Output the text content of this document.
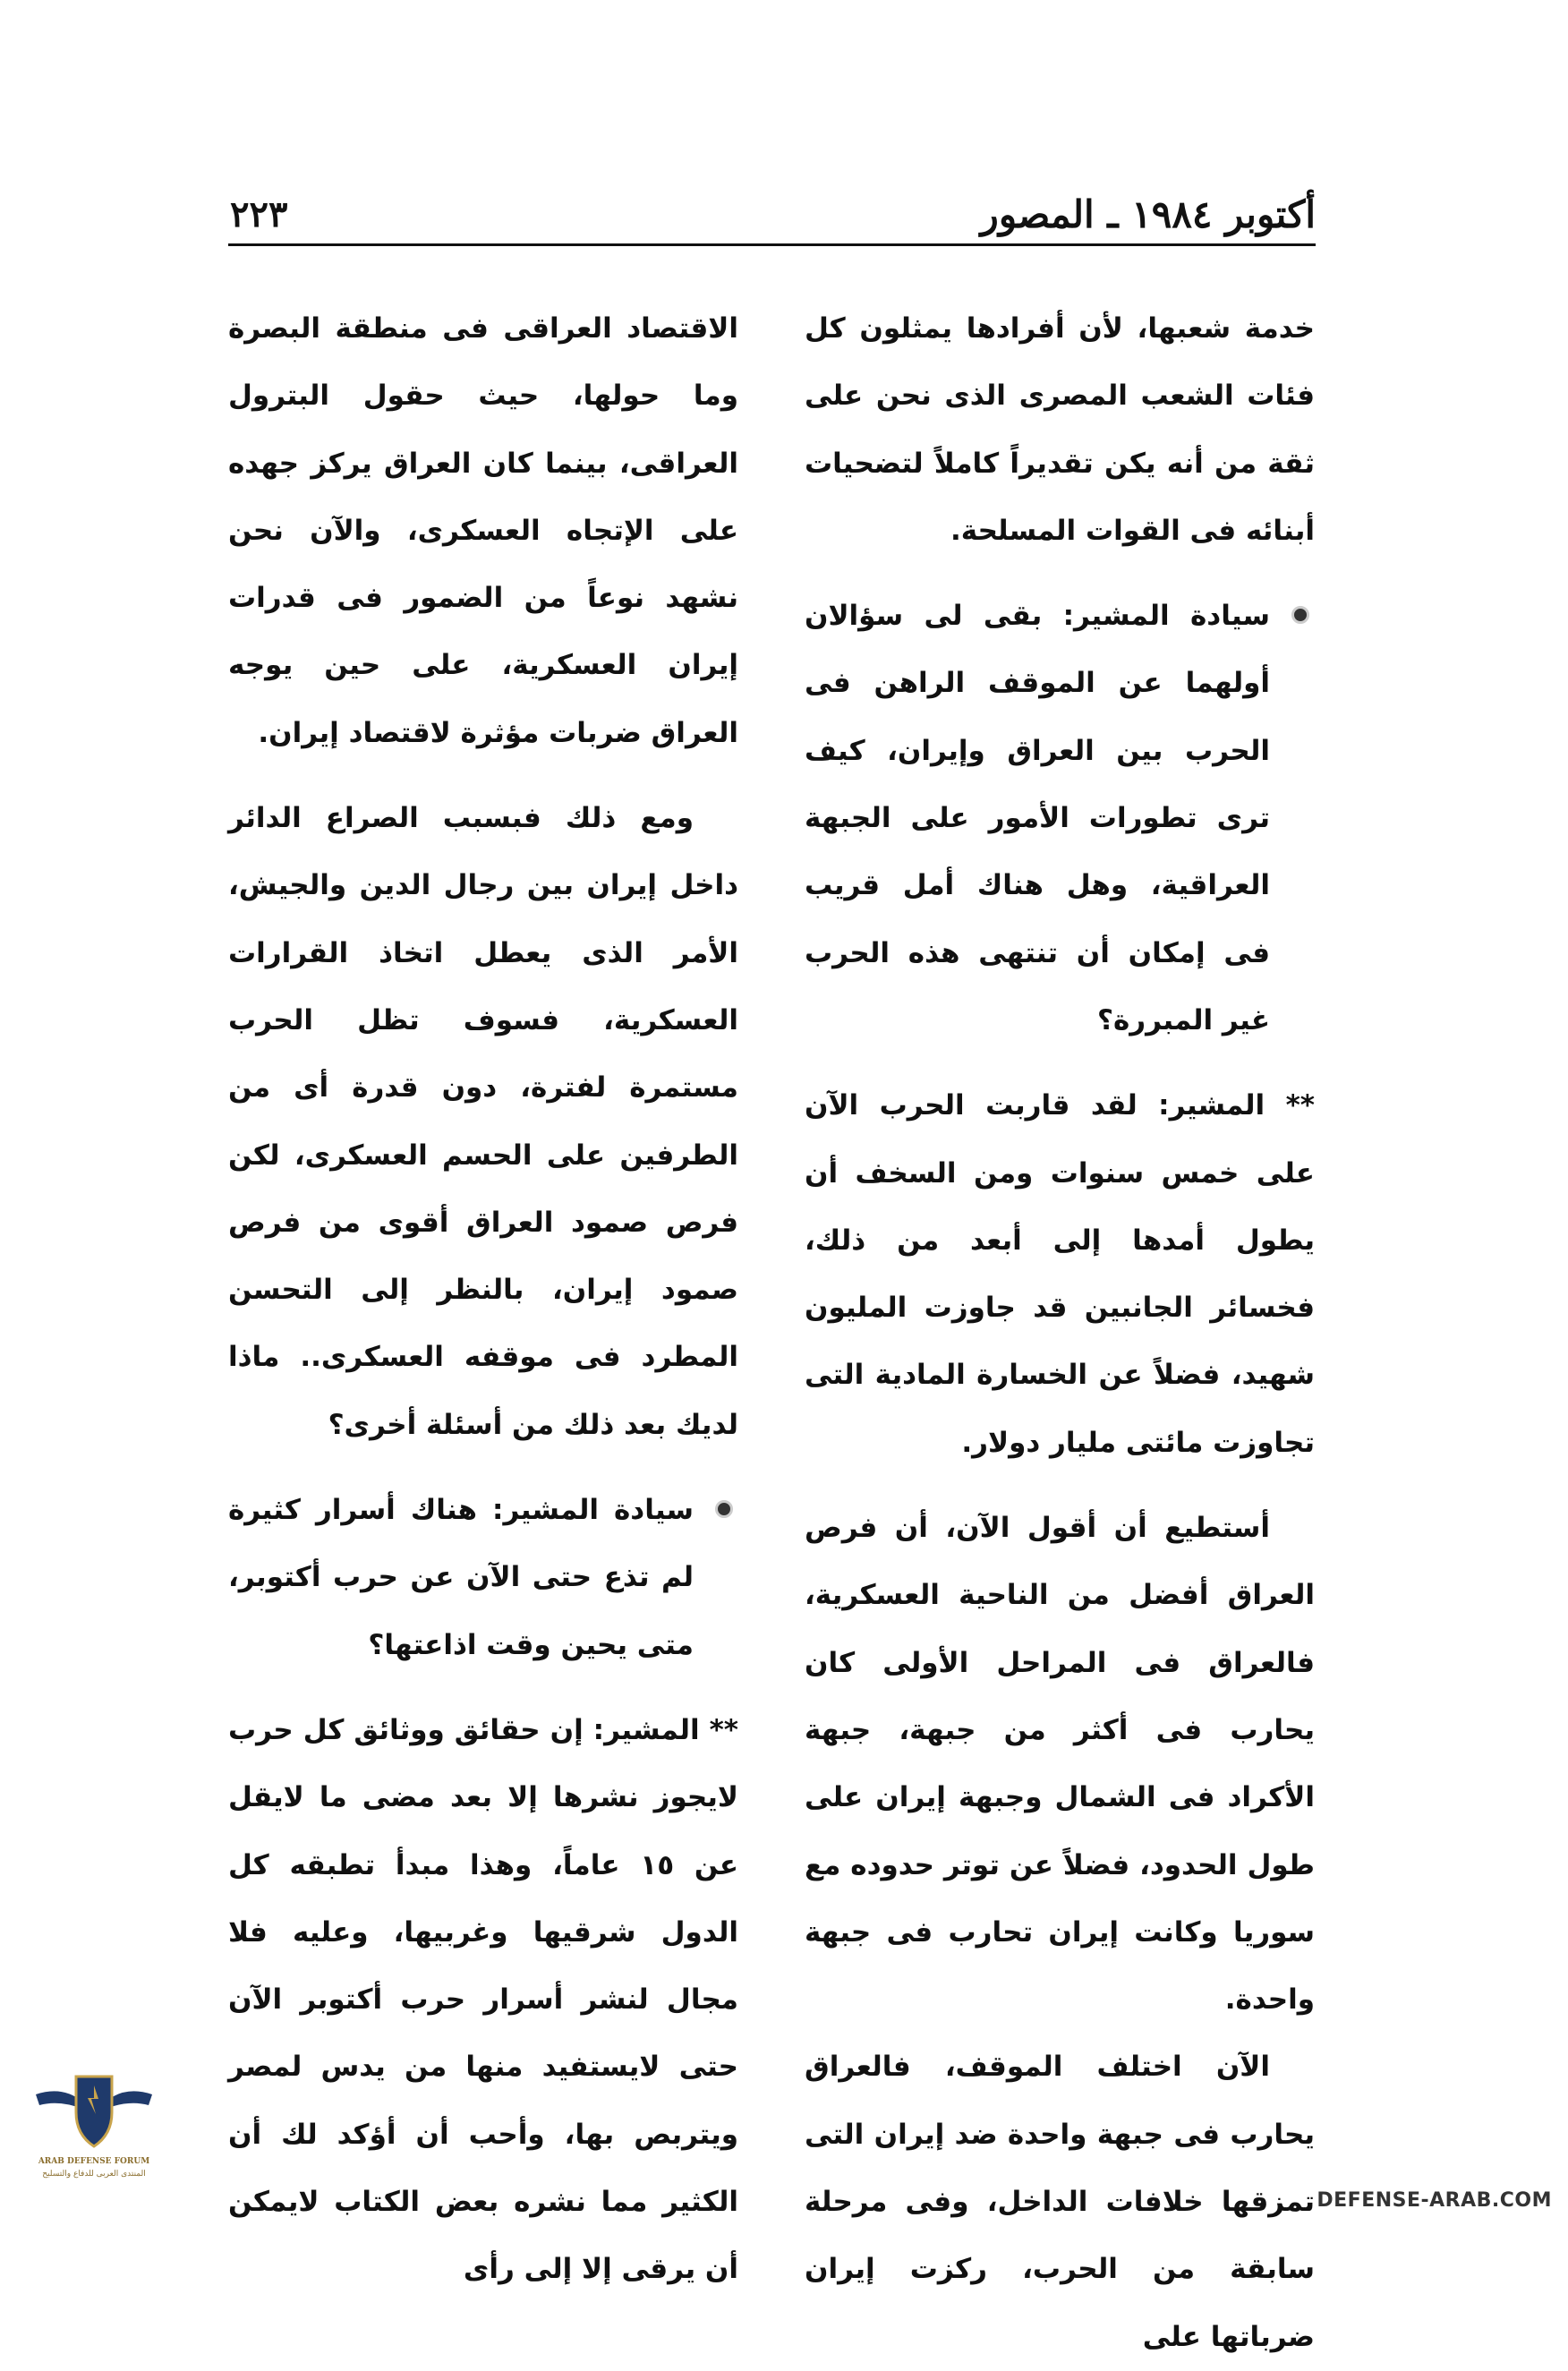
أكتوبر ١٩٨٤ ـ المصور
٢٢٣

خدمة شعبها، لأن أفرادها يمثلون كل فئات الشعب المصرى الذى نحن على ثقة من أنه يكن تقديراً كاملاً لتضحيات أبنائه فى القوات المسلحة.

سيادة المشير: بقى لى سؤالان أولهما عن الموقف الراهن فى الحرب بين العراق وإيران، كيف ترى تطورات الأمور على الجبهة العراقية، وهل هناك أمل قريب فى إمكان أن تنتهى هذه الحرب غير المبررة؟

** المشير: لقد قاربت الحرب الآن على خمس سنوات ومن السخف أن يطول أمدها إلى أبعد من ذلك، فخسائر الجانبين قد جاوزت المليون شهيد، فضلاً عن الخسارة المادية التى تجاوزت مائتى مليار دولار.

أستطيع أن أقول الآن، أن فرص العراق أفضل من الناحية العسكرية، فالعراق فى المراحل الأولى كان يحارب فى أكثر من جبهة، جبهة الأكراد فى الشمال وجبهة إيران على طول الحدود، فضلاً عن توتر حدوده مع سوريا وكانت إيران تحارب فى جبهة واحدة.

الآن اختلف الموقف، فالعراق يحارب فى جبهة واحدة ضد إيران التى تمزقها خلافات الداخل، وفى مرحلة سابقة من الحرب، ركزت إيران ضرباتها على

الاقتصاد العراقى فى منطقة البصرة وما حولها، حيث حقول البترول العراقى، بينما كان العراق يركز جهده على الإتجاه العسكرى، والآن نحن نشهد نوعاً من الضمور فى قدرات إيران العسكرية، على حين يوجه العراق ضربات مؤثرة لاقتصاد إيران.

ومع ذلك فبسبب الصراع الدائر داخل إيران بين رجال الدين والجيش، الأمر الذى يعطل اتخاذ القرارات العسكرية، فسوف تظل الحرب مستمرة لفترة، دون قدرة أى من الطرفين على الحسم العسكرى، لكن فرص صمود العراق أقوى من فرص صمود إيران، بالنظر إلى التحسن المطرد فى موقفه العسكرى.. ماذا لديك بعد ذلك من أسئلة أخرى؟

سيادة المشير: هناك أسرار كثيرة لم تذع حتى الآن عن حرب أكتوبر، متى يحين وقت اذاعتها؟

** المشير: إن حقائق ووثائق كل حرب لايجوز نشرها إلا بعد مضى ما لايقل عن ١٥ عاماً، وهذا مبدأ تطبقه كل الدول شرقيها وغربيها، وعليه فلا مجال لنشر أسرار حرب أكتوبر الآن حتى لايستفيد منها من يدس لمصر ويتربص بها، وأحب أن أؤكد لك أن الكثير مما نشره بعض الكتاب لايمكن أن يرقى إلا إلى رأى

ARAB DEFENSE FORUM
المنتدى العربى للدفاع والتسليح
DEFENSE-ARAB.COM
